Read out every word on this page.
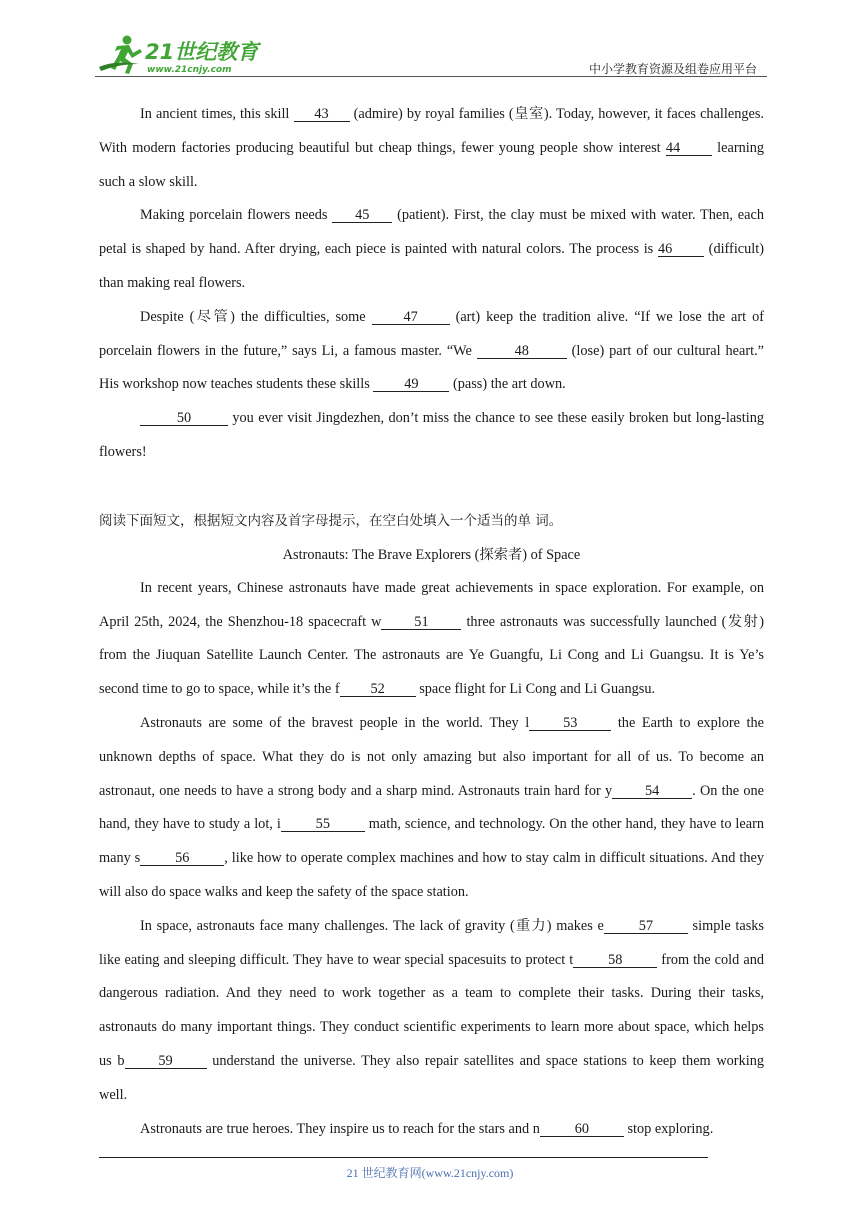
21世纪教育
www.21cnjy.com	中小学教育资源及组卷应用平台

In ancient times, this skill 43 (admire) by royal families (皇室). Today, however, it faces challenges. With modern factories producing beautiful but cheap things, fewer young people show interest 44 learning such a slow skill.

Making porcelain flowers needs 45 (patient). First, the clay must be mixed with water. Then, each petal is shaped by hand. After drying, each piece is painted with natural colors. The process is 46 (difficult) than making real flowers.

Despite (尽管) the difficulties, some 47 (art) keep the tradition alive. “If we lose the art of porcelain flowers in the future,” says Li, a famous master. “We	48	(lose) part of our cultural heart.” His workshop now teaches students these skills 49 (pass) the art down.

50	you ever visit Jingdezhen, don’t miss the chance to see these easily broken but long-lasting flowers!

阅读下面短文，根据短文内容及首字母提示，在空白处填入一个适当的单 词。

Astronauts: The Brave Explorers (探索者) of Space

In recent years, Chinese astronauts have made great achievements in space exploration. For example, on April 25th, 2024, the Shenzhou-18 spacecraft w 51 three astronauts was successfully launched (发射) from the Jiuquan Satellite Launch Center. The astronauts are Ye Guangfu, Li Cong and Li Guangsu. It is Ye’s second time to go to space, while it’s the f 52 space flight for Li Cong and Li Guangsu.

Astronauts are some of the bravest people in the world. They l 53 the Earth to explore the unknown depths of space. What they do is not only amazing but also important for all of us. To become an astronaut, one needs to have a strong body and a sharp mind. Astronauts train hard for y 54 . On the one hand, they have to study a lot, i 55 math, science, and technology. On the other hand, they have to learn many s 56 , like how to operate complex machines and how to stay calm in difficult situations. And they will also do space walks and keep the safety of the space station.

In space, astronauts face many challenges. The lack of gravity (重力) makes e 57 simple tasks like eating and sleeping difficult. They have to wear special spacesuits to protect t 58 from the cold and dangerous radiation. And they need to work together as a team to complete their tasks. During their tasks, astronauts do many important things. They conduct scientific experiments to learn more about space, which helps us b 59 understand the universe. They also repair satellites and space stations to keep them working well.

Astronauts are true heroes. They inspire us to reach for the stars and n 60 stop exploring.

21 世纪教育网(www.21cnjy.com)
